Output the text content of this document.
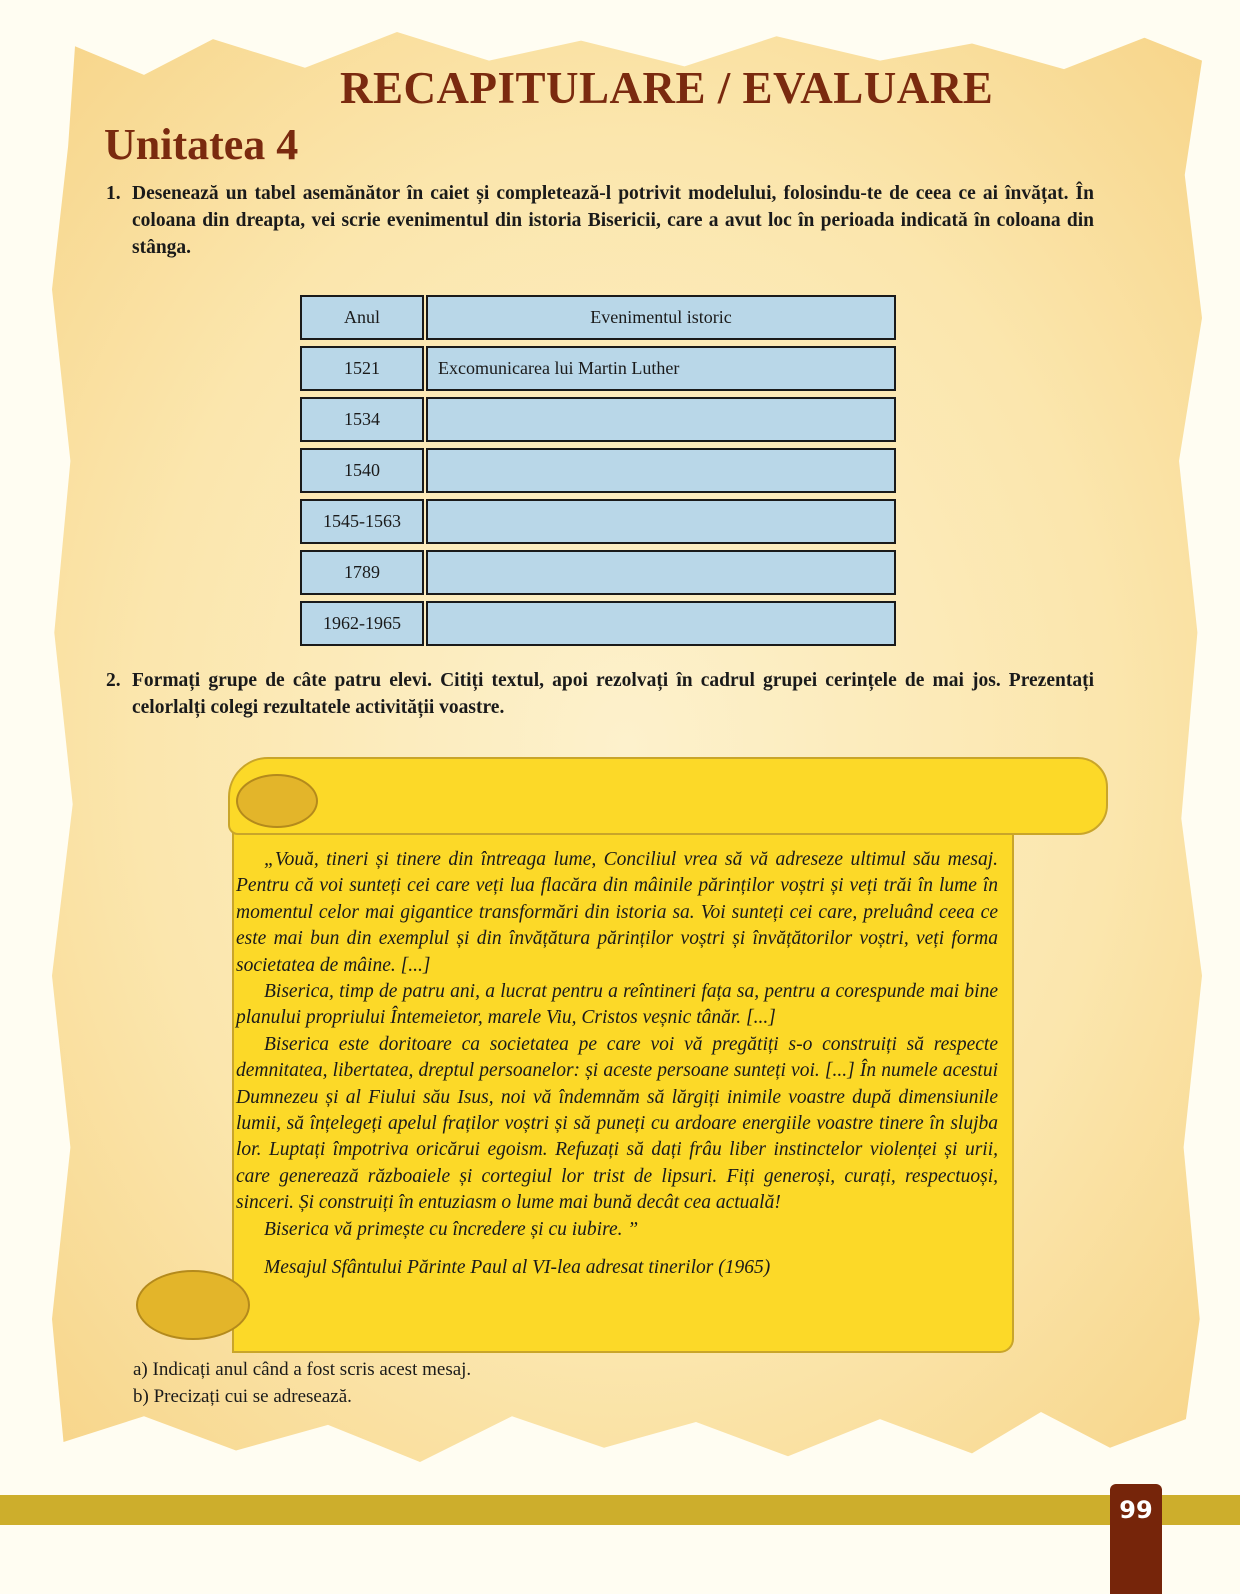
RECAPITULARE / EVALUARE
Unitatea 4
1. Desenează un tabel asemănător în caiet și completează-l potrivit modelului, folosindu-te de ceea ce ai învățat. În coloana din dreapta, vei scrie evenimentul din istoria Bisericii, care a avut loc în perioada indicată în coloana din stânga.
Anul	Evenimentul istoric
1521	Excomunicarea lui Martin Luther
1534
1540
1545-1563
1789
1962-1965
2. Formați grupe de câte patru elevi. Citiți textul, apoi rezolvați în cadrul grupei cerințele de mai jos. Prezentați celorlalți colegi rezultatele activității voastre.

„Vouă, tineri și tinere din întreaga lume, Conciliul vrea să vă adreseze ultimul său mesaj. Pentru că voi sunteți cei care veți lua flacăra din mâinile părinților voștri și veți trăi în lume în momentul celor mai gigantice transformări din istoria sa. Voi sunteți cei care, preluând ceea ce este mai bun din exemplul și din învățătura părinților voștri și învățătorilor voștri, veți forma societatea de mâine. [...]

Biserica, timp de patru ani, a lucrat pentru a reîntineri fața sa, pentru a corespunde mai bine planului propriului Întemeietor, marele Viu, Cristos veșnic tânăr. [...]

Biserica este doritoare ca societatea pe care voi vă pregătiți s-o construiți să respecte demnitatea, libertatea, dreptul persoanelor: și aceste persoane sunteți voi. [...] În numele acestui Dumnezeu și al Fiului său Isus, noi vă îndemnăm să lărgiți inimile voastre după dimensiunile lumii, să înțelegeți apelul fraților voștri și să puneți cu ardoare energiile voastre tinere în slujba lor. Luptați împotriva oricărui egoism. Refuzați să dați frâu liber instinctelor violenței și urii, care generează războaiele și cortegiul lor trist de lipsuri. Fiți generoși, curați, respectuoși, sinceri. Și construiți în entuziasm o lume mai bună decât cea actuală!

Biserica vă primește cu încredere și cu iubire. ”

Mesajul Sfântului Părinte Paul al VI-lea adresat tinerilor (1965)

a) Indicați anul când a fost scris acest mesaj.
b) Precizați cui se adresează.
99
